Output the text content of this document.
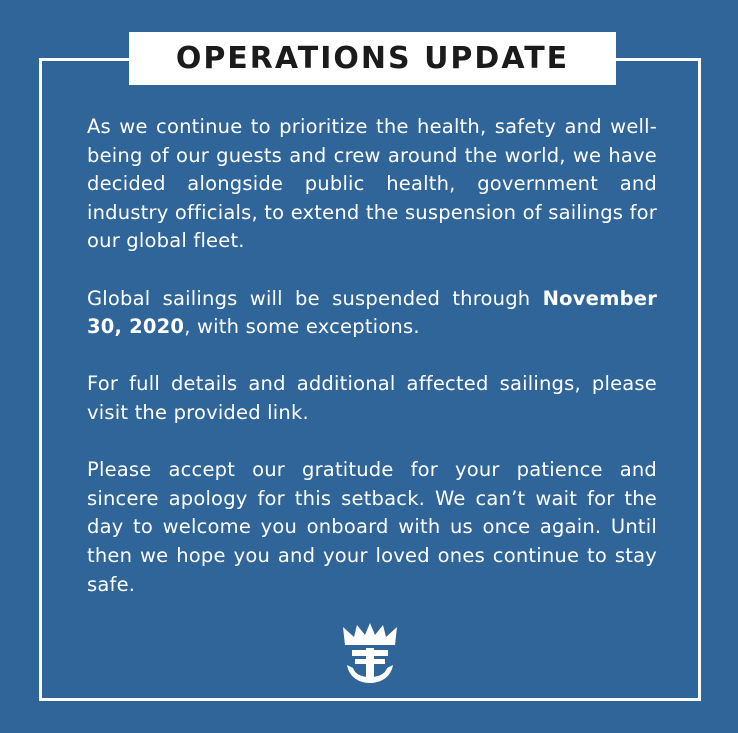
OPERATIONS UPDATE

As we continue to prioritize the health, safety and well-being of our guests and crew around the world, we have decided alongside public health, government and industry officials, to extend the suspension of sailings for our global fleet.

Global sailings will be suspended through November 30, 2020, with some exceptions.

For full details and additional affected sailings, please visit the provided link.

Please accept our gratitude for your patience and sincere apology for this setback. We can’t wait for the day to welcome you onboard with us once again. Until then we hope you and your loved ones continue to stay safe.
